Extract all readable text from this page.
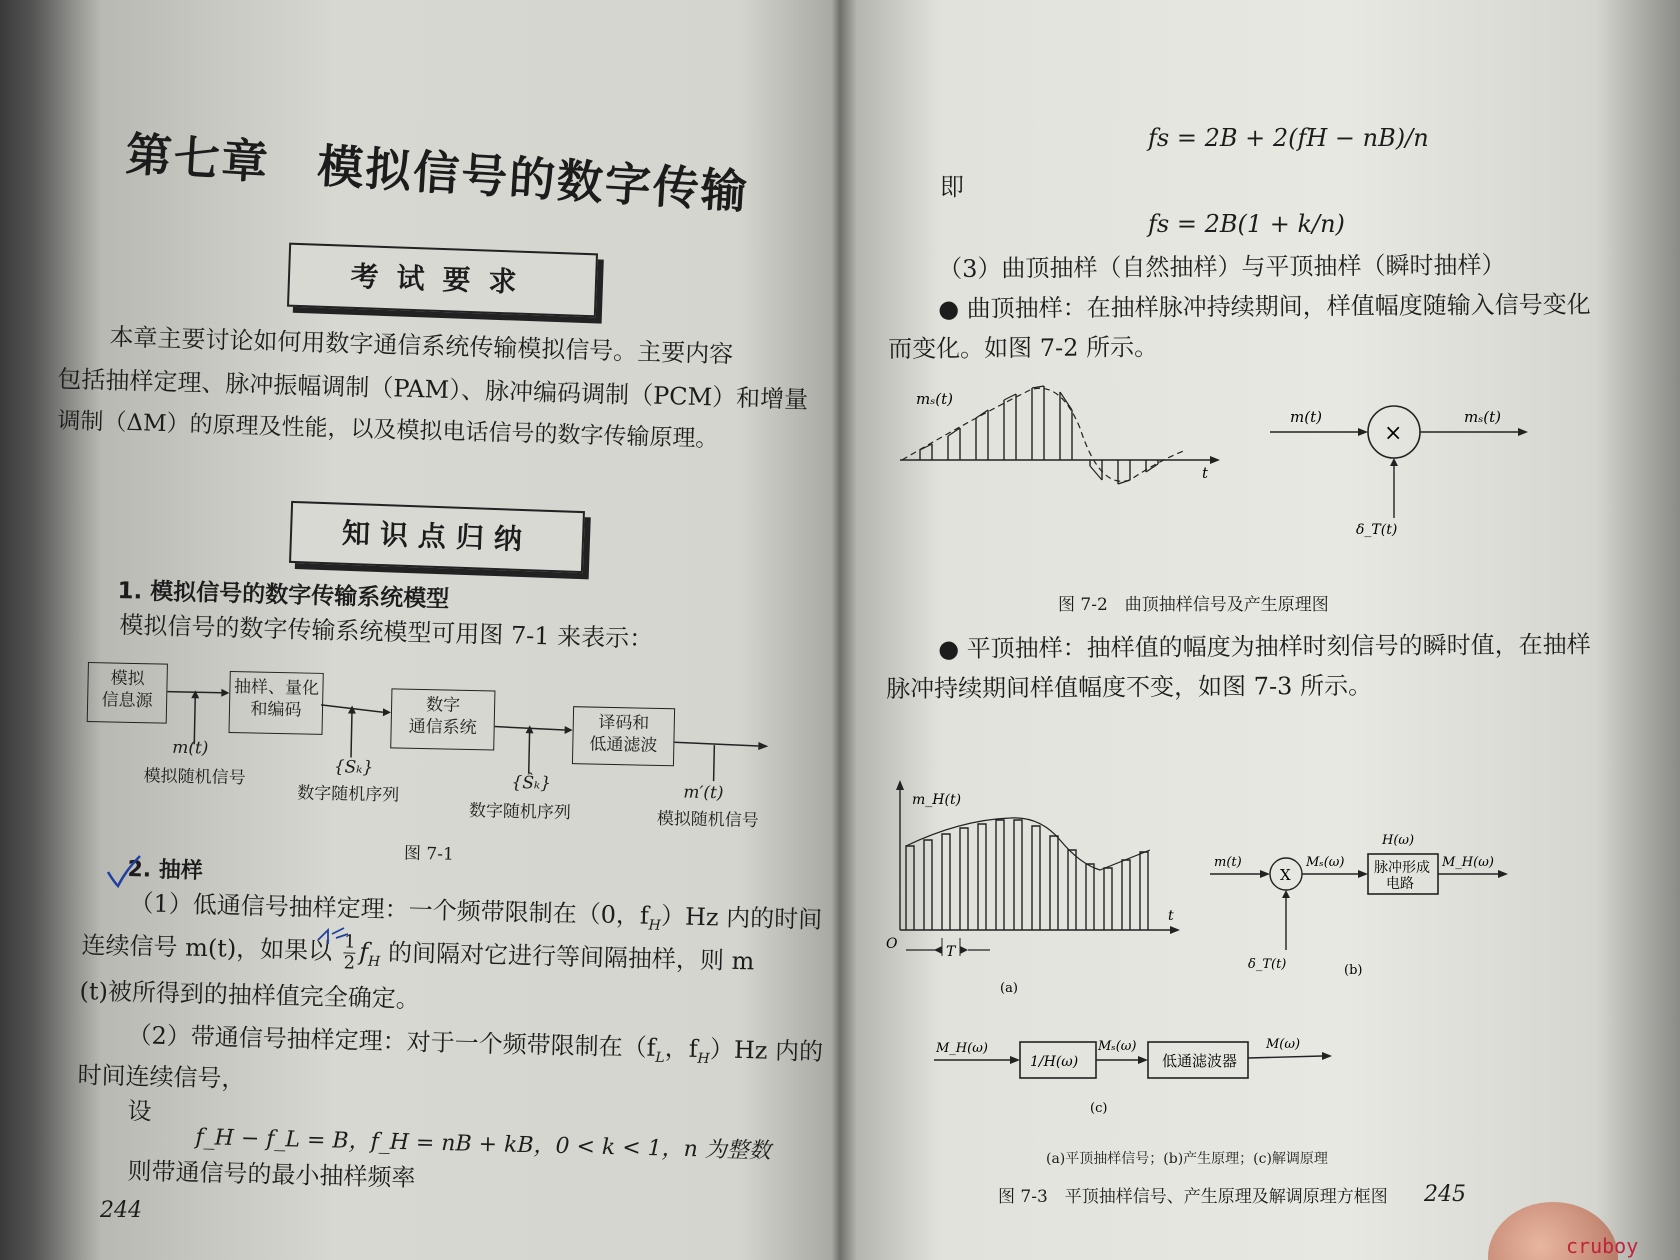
第七章　模拟信号的数字传输
考试要求
本章主要讨论如何用数字通信系统传输模拟信号。主要内容
包括抽样定理、脉冲振幅调制（PAM）、脉冲编码调制（PCM）和增量
调制（ΔM）的原理及性能，以及模拟电话信号的数字传输原理。
知识点归纳
1. 模拟信号的数字传输系统模型
模拟信号的数字传输系统模型可用图 7-1 来表示：
模拟
信息源
抽样、量化
和编码	数字
通信系统	译码和
低通滤波
m(t)
模拟随机信号	{Sₖ}
数字随机序列
{Ŝₖ}
数字随机序列
m′(t)
模拟随机信号
图 7-1
2. 抽样
（1）低通信号抽样定理：一个频带限制在（0，$f_H)Hz$ 内的时间
连续信号 m(t)，如果以 $\frac{1}{2} f_H$ 的间隔对它进行等间隔抽样，则 m
(t)被所得到的抽样值完全确定。
（2）带通信号抽样定理：对于一个频带限制在（$f_L$，$f_H)Hz$ 内的
时间连续信号，
设
f_H − f_L = B，f_H = nB + kB，0 < k < 1，n 为整数
则带通信号的最小抽样频率
244
fs = 2B + 2(fH − nB)/n
即
fs = 2B(1 + k/n)
（3）曲顶抽样（自然抽样）与平顶抽样（瞬时抽样）
● 曲顶抽样：在抽样脉冲持续期间，样值幅度随输入信号变化
而变化。如图 7-2 所示。
mₛ(t)
t
×
m(t)	mₛ(t)
δ_T(t)
图 7-2　曲顶抽样信号及产生原理图
● 平顶抽样：抽样值的幅度为抽样时刻信号的瞬时值，在抽样
脉冲持续期间样值幅度不变，如图 7-3 所示。
m_H(t)
t
O	T
(a)
X
m(t)	Mₛ(ω)
H(ω)
脉冲形成
电路
M_H(ω)
δ_T(t)	(b)
M_H(ω)
1/H(ω)
Mₛ(ω)
低通滤波器
M(ω)
(c)
(a)平顶抽样信号；(b)产生原理；(c)解调原理
图 7-3　平顶抽样信号、产生原理及解调原理方框图 245
cruboy
